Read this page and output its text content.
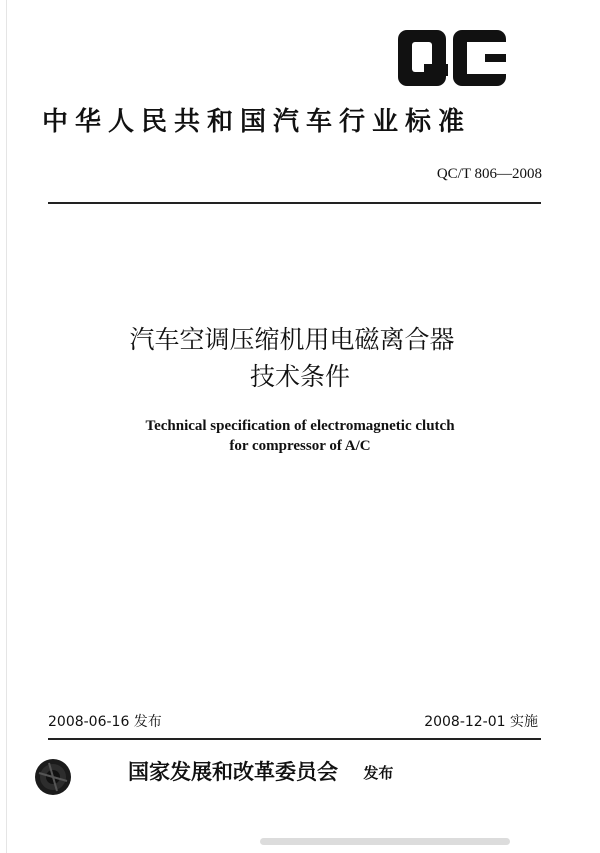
中华人民共和国汽车行业标准
QC/T 806—2008
汽车空调压缩机用电磁离合器
技术条件
Technical specification of electromagnetic clutch
for compressor of A/C
2008-06-16 发布	2008-12-01 实施
国家发展和改革委员会 发布
